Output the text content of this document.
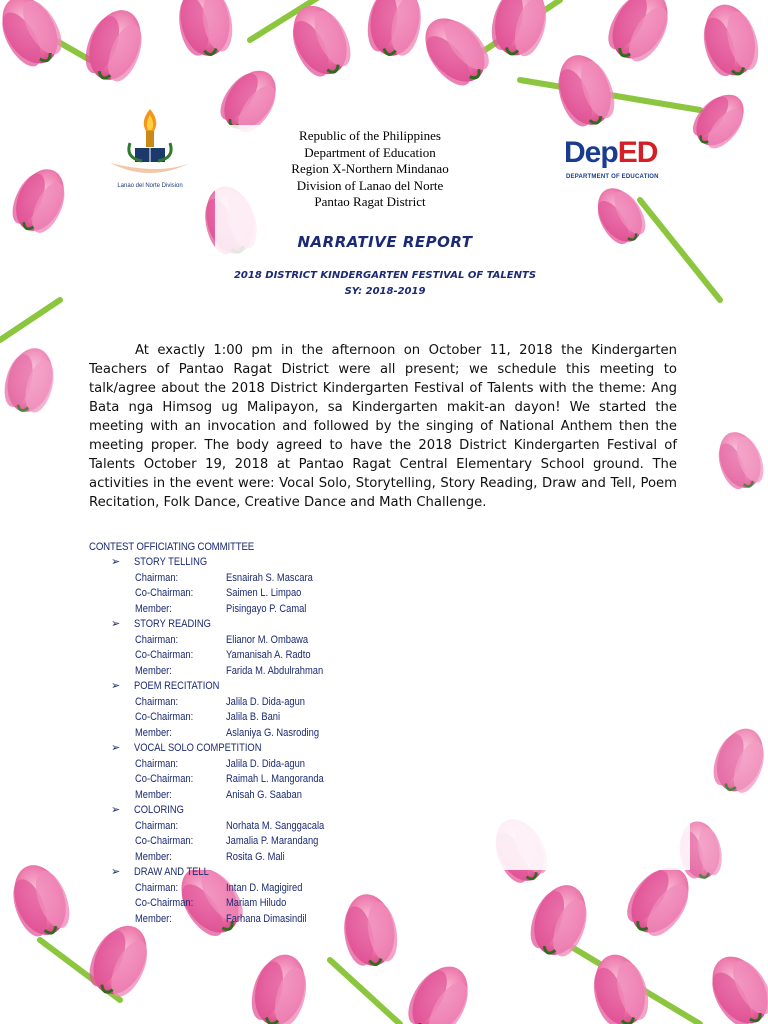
Lanao del Norte Division
DepED
DEPARTMENT OF EDUCATION
Republic of the Philippines
Department of Education
Region X-Northern Mindanao
Division of Lanao del Norte
Pantao Ragat District
NARRATIVE REPORT
2018 DISTRICT KINDERGARTEN FESTIVAL OF TALENTS
SY: 2018-2019
At exactly 1:00 pm in the afternoon on October 11, 2018 the Kindergarten Teachers of Pantao Ragat District were all present; we schedule this meeting to talk/agree about the 2018 District Kindergarten Festival of Talents with the theme: Ang Bata nga Himsog ug Malipayon, sa Kindergarten makit-an dayon! We started the meeting with an invocation and followed by the singing of National Anthem then the meeting proper. The body agreed to have the 2018 District Kindergarten Festival of Talents October 19, 2018 at Pantao Ragat Central Elementary School ground. The activities in the event were: Vocal Solo, Storytelling, Story Reading, Draw and Tell, Poem Recitation, Folk Dance, Creative Dance and Math Challenge.
CONTEST OFFICIATING COMMITTEE
➢ STORY TELLING
Chairman:	Esnairah S. Mascara
Co-Chairman:	Saimen L. Limpao
Member:	Pisingayo P. Camal
➢ STORY READING
Chairman:	Elianor M. Ombawa
Co-Chairman:	Yamanisah A. Radto
Member:	Farida M. Abdulrahman
➢ POEM RECITATION
Chairman:	Jalila D. Dida-agun
Co-Chairman:	Jalila B. Bani
Member:	Aslaniya G. Nasroding
➢ VOCAL SOLO COMPETITION
Chairman:	Jalila D. Dida-agun
Co-Chairman:	Raimah L. Mangoranda
Member:	Anisah G. Saaban
➢ COLORING
Chairman:	Norhata M. Sanggacala
Co-Chairman:	Jamalia P. Marandang
Member:	Rosita G. Mali
➢ DRAW AND TELL
Chairman:	Intan D. Magigired
Co-Chairman:	Mariam Hiludo
Member:	Farhana Dimasindil
